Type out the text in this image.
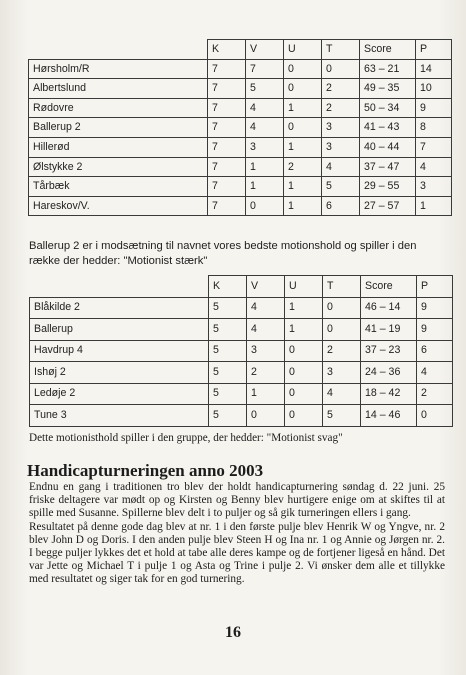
	K	V	U	T	Score	P
Hørsholm/R	7	7	0	0	63 – 21	14
Albertslund	7	5	0	2	49 – 35	10
Rødovre	7	4	1	2	50 – 34	9
Ballerup 2	7	4	0	3	41 – 43	8
Hillerød	7	3	1	3	40 – 44	7
Ølstykke 2	7	1	2	4	37 – 47	4
Tårbæk	7	1	1	5	29 – 55	3
Hareskov/V.	7	0	1	6	27 – 57	1
Ballerup 2 er i modsætning til navnet vores bedste motionshold og spiller i den række der hedder: "Motionist stærk"
	K	V	U	T	Score	P
Blåkilde 2	5	4	1	0	46 – 14	9
Ballerup	5	4	1	0	41 – 19	9
Havdrup 4	5	3	0	2	37 – 23	6
Ishøj 2	5	2	0	3	24 – 36	4
Ledøje 2	5	1	0	4	18 – 42	2
Tune 3	5	0	0	5	14 – 46	0
Dette motionisthold spiller i den gruppe, der hedder: "Motionist svag"
Handicapturneringen anno 2003

Endnu en gang i traditionen tro blev der holdt handicapturnering søndag d. 22 juni. 25 friske deltagere var mødt op og Kirsten og Benny blev hurtigere enige om at skiftes til at spille med Susanne. Spillerne blev delt i to puljer og så gik turneringen ellers i gang.

Resultatet på denne gode dag blev at nr. 1 i den første pulje blev Henrik W og Yngve, nr. 2 blev John D og Doris. I den anden pulje blev Steen H og Ina nr. 1 og Annie og Jørgen nr. 2. I begge puljer lykkes det et hold at tabe alle deres kampe og de fortjener ligeså en hånd. Det var Jette og Michael T i pulje 1 og Asta og Trine i pulje 2. Vi ønsker dem alle et tillykke med resultatet og siger tak for en god turnering.

16
